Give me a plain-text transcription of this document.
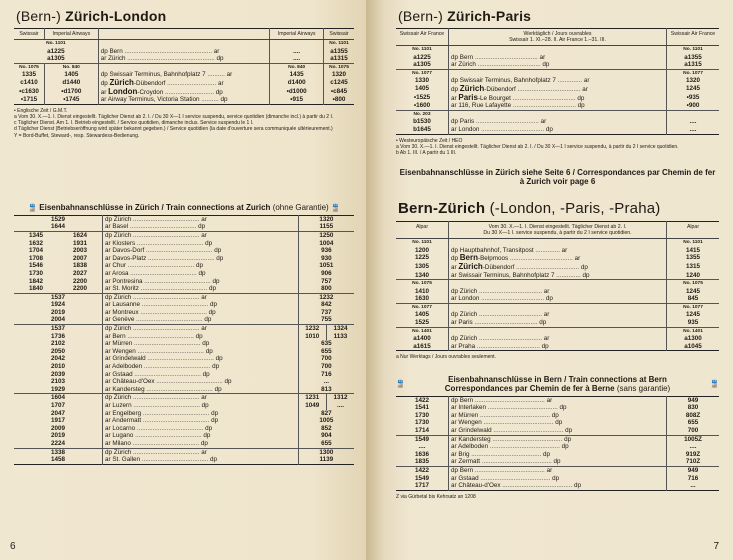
(Bern-) Zürich-London
Swissair	Imperial Airways		Imperial Airways	Swissair
No. 1101				No. 1101
a1225		dp Bern .................................................. ar	....	a1355
a1305		ar Zürich .................................................. dp	....	a1315
No. 1075	No. 840		No. 840	No. 1075
1335	1405	dp Swissair Terminus, Bahnhofplatz 7 .......... ar	1435	1320
c1410	d1440	dp Zürich-Dübendorf ............................ ar	d1400	c1245
•c1630	•d1700	ar London-Croydon ............................ dp	•d1000	•c845
•1715	•1745	ar Airway Terminus, Victoria Station .......... dp	•915	•800

• Englische Zeit / G.M.T.

a Vom 30. X.—1. I. Dienst eingestellt. Täglicher Dienst ab 2. I. / Du 30 X—1 I service suspendu, service quotidien (dimanche incl.) à partir du 2 I.

c Täglicher Dienst. Am 1. I. Betrieb eingestellt. / Service quotidien, dimanche inclus. Service suspendu le 1 I.

d Täglicher Dienst (Betriebseröffnung wird später bekannt gegeben.) / Service quotidien (la date d'ouverture sera communiquée ultérieurement.)

Y = Bord-Buffet, Steward-, resp. Stewardess-Bedienung.

🚆 Eisenbahnanschlüsse in Zürich / Train connections at Zurich (ohne Garantie) 🚆
1529		dp Zürich ...................................... ar	1320	
1644		ar Basel ...................................... dp	1155	
1345	1624	dp Zürich ...................................... ar	1250	
1632	1931	ar Klosters ...................................... dp	1004	
1704	2003	ar Davos-Dorf ...................................... dp	936	
1708	2007	ar Davos-Platz ...................................... dp	930	
1546	1838	ar Chur ...................................... dp	1051	
1730	2027	ar Arosa ...................................... dp	906	
1842	2200	ar Pontresina ...................................... dp	757	
1840	2200	ar St. Moritz ...................................... dp	800	
1537		dp Zürich ...................................... ar	1232	
1924		ar Lausanne ...................................... dp	842	
2019		ar Montreux ...................................... dp	737	
2004		ar Genève ...................................... dp	755	
1537		dp Zürich ...................................... ar	1232	1324
1736		ar Bern ...................................... dp	1010	1133
2102		ar Mürren ...................................... dp	635	
2050		ar Wengen ...................................... dp	655	
2042		ar Grindelwald ...................................... dp	700	
2010		ar Adelboden ...................................... dp	700	
2039		ar Gstaad ...................................... dp	716	
2103		ar Château-d'Oex ...................................... dp	...	
1929		ar Kandersteg ...................................... dp	813	
1604		dp Zürich ...................................... ar	1231	1312
1707		ar Luzern ...................................... dp	1049	....
2047		ar Engelberg ...................................... dp	827	
1917		ar Andermatt ...................................... dp	1005	
2009		ar Locarno ...................................... dp	852	
2019		ar Lugano ...................................... dp	904	
2224		ar Milano ...................................... dp	655	
1338		dp Zürich ...................................... ar	1300	
1458		ar St. Gallen ...................................... dp	1139	
6
(Bern-) Zürich-Paris
Swissair Air France	Werktäglich / Jours ouvrables
Swissair 1. XI.–28. II. Air France 1.–31. III.	Swissair Air France
No. 1101		No. 1101
a1225	dp Bern .................................... ar	a1355
a1305	ar Zürich .................................... dp	a1315
No. 1077		No. 1077
1330	dp Swissair Terminus, Bahnhofplatz 7 .............. ar	1320
1405	dp Zürich-Dübendorf .................................... ar	1245
•1525	ar Paris-Le Bourget .................................... dp	•935
•1600	ar 116, Rue Lafayette .................................... dp	•900
No. 203		
b1530	dp Paris .................................... ar	....
b1645	ar London .................................... dp	....

• Westeuropäische Zeit / HEO

a Vom 30. X.—1. I. Dienst eingestellt. Täglicher Dienst ab 2. I. / Du 30 X—1 I service suspendu, à partir du 2 I service quotidien.

b Ab 1. III. / A partir du 1 III.

Eisenbahnanschlüsse in Zürich siehe Seite 6 / Correspondances par Chemin de fer
à Zurich voir page 6
Bern-Zürich (-London, -Paris, -Praha)
Alpar	Vom 30. X.—1. I. Dienst eingestellt. Täglicher Dienst ab 2. I.
Du 30 X—1 I. service suspendu, à partir du 2 I service quotidien.	Alpar
No. 1101		No. 1101
1200	dp Hauptbahnhof, Transitpost .............. ar	1415
1225	dp Bern-Belpmoos .................................... ar	1355
1305	ar Zürich-Dübendorf .................................... dp	1315
1340	ar Swissair Terminus, Bahnhofplatz 7 .............. dp	1240
No. 1075		No. 1075
1410	dp Zürich .................................... ar	1245
1630	ar London .................................... dp	845
No. 1077		No. 1077
1405	dp Zürich .................................... ar	1245
1525	ar Paris .................................... dp	935
No. 1401		No. 1401
a1400	dp Zürich .................................... ar	a1300
a1615	ar Praha .................................... dp	a1045
a Nur Werktags / Jours ouvrables seulement.
🚆
Eisenbahnanschlüsse in Bern / Train connections at Bern
Correspondances par Chemin de fer à Berne (sans garantie)	🚆
1422	dp Bern ........................................ ar	949
1541	ar Interlaken ........................................ dp	830
1730	ar Mürren ........................................ dp	808Z
1730	ar Wengen ........................................ dp	655
1714	ar Grindelwald ........................................ dp	700
1549	ar Kandersteg ........................................ dp	1005Z
....	ar Adelboden ........................................ dp	....
1636	ar Brig ........................................ dp	919Z
1835	ar Zermatt ........................................ dp	710Z
1422	dp Bern ........................................ ar	949
1549	ar Gstaad ........................................ dp	716
1717	ar Château-d'Oex ........................................ dp	...
Z via Gürbetal bis Kehrsatz an 1208
7
